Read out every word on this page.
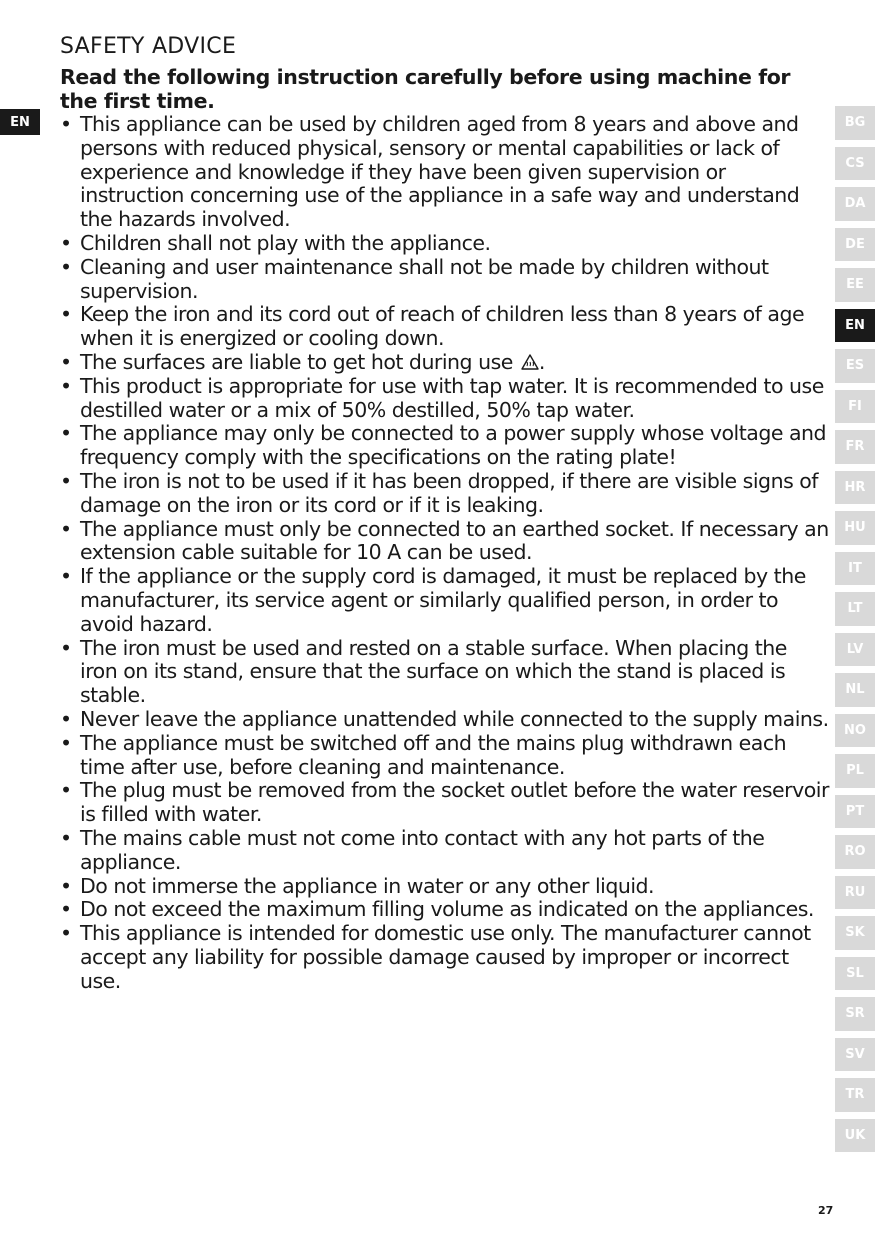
EN
SAFETY ADVICE

Read the following instruction carefully before using machine for the first time.

• This appliance can be used by children aged from 8 years and above and persons with reduced physical, sensory or mental capabilities or lack of experience and knowledge if they have been given supervision or instruction concerning use of the appliance in a safe way and understand the hazards involved.
• Children shall not play with the appliance.
• Cleaning and user maintenance shall not be made by children without supervision.
• Keep the iron and its cord out of reach of children less than 8 years of age when it is energized or cooling down.
• The surfaces are liable to get hot during use .
• This product is appropriate for use with tap water. It is recommended to use destilled water or a mix of 50% destilled, 50% tap water.
• The appliance may only be connected to a power supply whose voltage and frequency comply with the specifications on the rating plate!
• The iron is not to be used if it has been dropped, if there are visible signs of damage on the iron or its cord or if it is leaking.
• The appliance must only be connected to an earthed socket. If necessary an extension cable suitable for 10 A can be used.
• If the appliance or the supply cord is damaged, it must be replaced by the manufacturer, its service agent or similarly qualified person, in order to avoid hazard.
• The iron must be used and rested on a stable surface. When placing the iron on its stand, ensure that the surface on which the stand is placed is stable.
• Never leave the appliance unattended while connected to the supply mains.
• The appliance must be switched off and the mains plug withdrawn each time after use, before cleaning and maintenance.
• The plug must be removed from the socket outlet before the water reservoir is filled with water.
• The mains cable must not come into contact with any hot parts of the appliance.
• Do not immerse the appliance in water or any other liquid.
• Do not exceed the maximum filling volume as indicated on the appliances.
• This appliance is intended for domestic use only. The manufacturer cannot accept any liability for possible damage caused by improper or incorrect use.
BG
CS
DA
DE
EE
EN
ES
FI
FR
HR
HU
IT
LT
LV
NL
NO
PL
PT
RO
RU
SK
SL
SR
SV
TR
UK
27
